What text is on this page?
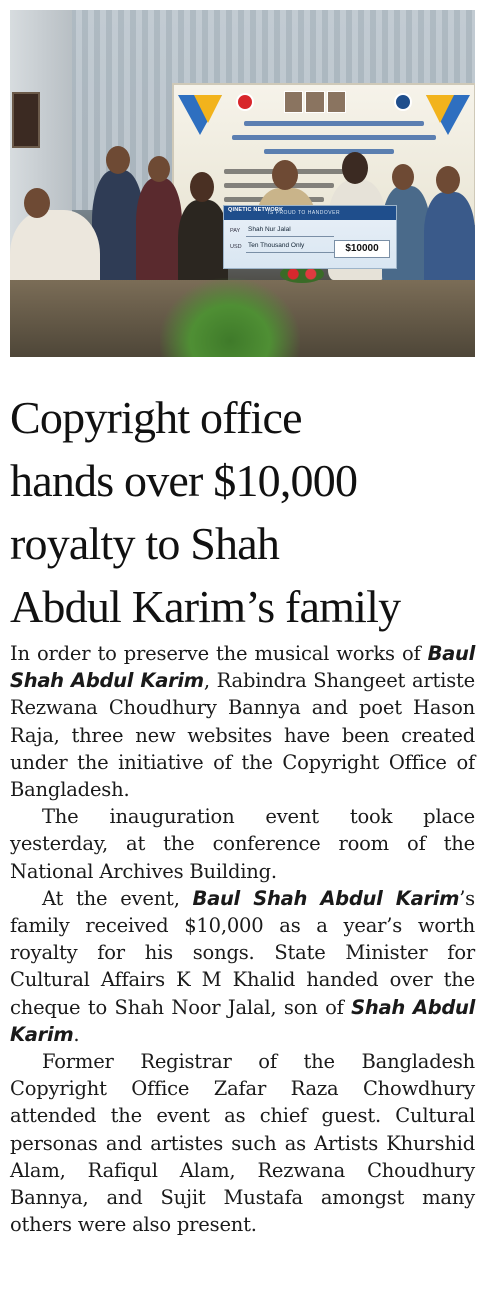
QINETIC NETWORK
IS PROUD TO HANDOVER
PAY Shah Nur Jalal
USD Ten Thousand Only	$10000
Copyright office
hands over $10,000
royalty to Shah
Abdul Karim’s family

In order to preserve the musical works of Baul Shah Abdul Karim, Rabindra Shangeet artiste Rezwana Choudhury Bannya and poet Hason Raja, three new websites have been created under the initiative of the Copyright Office of Bangladesh.

The inauguration event took place yesterday, at the conference room of the National Archives Building.

At the event, Baul Shah Abdul Karim’s family received $10,000 as a year’s worth royalty for his songs. State Minister for Cultural Affairs K M Khalid handed over the cheque to Shah Noor Jalal, son of Shah Abdul Karim.

Former Registrar of the Bangladesh Copyright Office Zafar Raza Chowdhury attended the event as chief guest. Cultural personas and artistes such as Artists Khurshid Alam, Rafiqul Alam, Rezwana Choudhury Bannya, and Sujit Mustafa amongst many others were also present.
